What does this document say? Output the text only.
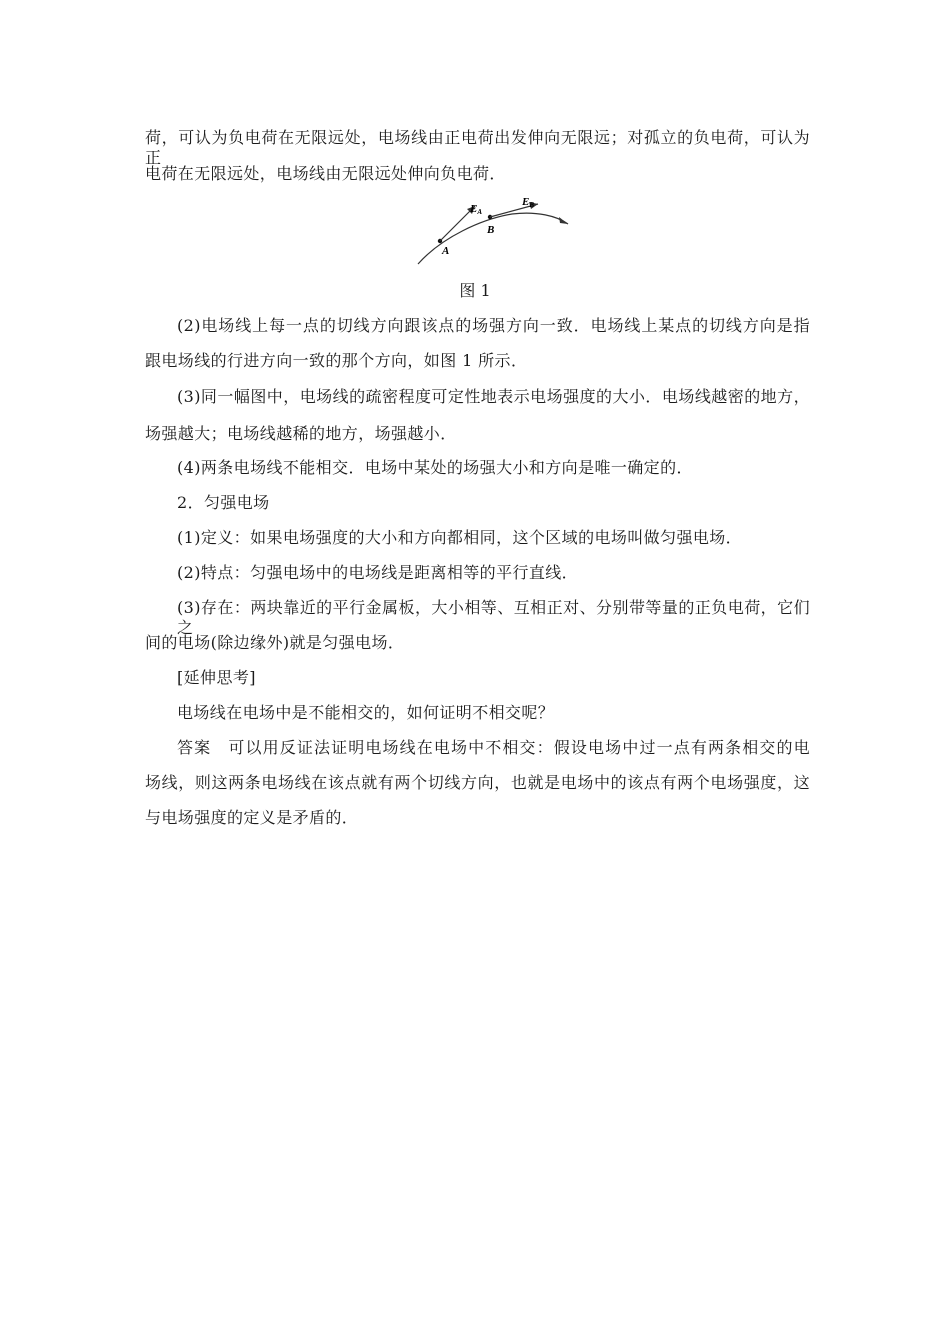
荷，可认为负电荷在无限远处，电场线由正电荷出发伸向无限远；对孤立的负电荷，可认为正
电荷在无限远处，电场线由无限远处伸向负电荷．
A
B
EA
EB
图 1
(2)电场线上每一点的切线方向跟该点的场强方向一致．电场线上某点的切线方向是指
跟电场线的行进方向一致的那个方向，如图 1 所示．
(3)同一幅图中，电场线的疏密程度可定性地表示电场强度的大小．电场线越密的地方，
场强越大；电场线越稀的地方，场强越小．
(4)两条电场线不能相交．电场中某处的场强大小和方向是唯一确定的．
2．匀强电场
(1)定义：如果电场强度的大小和方向都相同，这个区域的电场叫做匀强电场．
(2)特点：匀强电场中的电场线是距离相等的平行直线．
(3)存在：两块靠近的平行金属板，大小相等、互相正对、分别带等量的正负电荷，它们之
间的电场(除边缘外)就是匀强电场．
[延伸思考]
电场线在电场中是不能相交的，如何证明不相交呢？
答案　可以用反证法证明电场线在电场中不相交：假设电场中过一点有两条相交的电
场线，则这两条电场线在该点就有两个切线方向，也就是电场中的该点有两个电场强度，这
与电场强度的定义是矛盾的．
